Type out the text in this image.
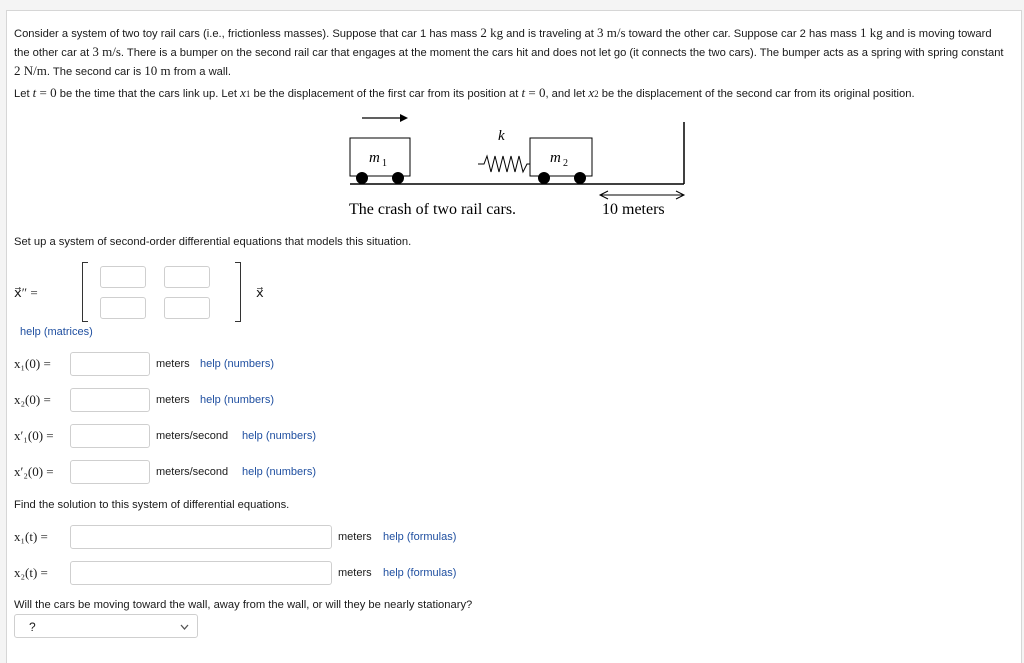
Consider a system of two toy rail cars (i.e., frictionless masses). Suppose that car 1 has mass 2 kg and is traveling at 3 m/s toward the other car. Suppose car 2 has mass 1 kg and is moving toward the other car at 3 m/s. There is a bumper on the second rail car that engages at the moment the cars hit and does not let go (it connects the two cars). The bumper acts as a spring with spring constant 2 N/m. The second car is 10 m from a wall.
Let t = 0 be the time that the cars link up. Let x1 be the displacement of the first car from its position at t = 0, and let x2 be the displacement of the second car from its original position.
k
m 1	m 2
The crash of two rail cars.	10 meters
Set up a system of second-order differential equations that models this situation.
x⃗″ =	x⃗
help (matrices)
x₁(0) =	meters help (numbers)
x₂(0) =	meters help (numbers)
x′₁(0) =	meters/second help (numbers)
x′₂(0) =	meters/second help (numbers)
Find the solution to this system of differential equations.
x₁(t) =	meters help (formulas)
x₂(t) =	meters help (formulas)
Will the cars be moving toward the wall, away from the wall, or will they be nearly stationary?
?
